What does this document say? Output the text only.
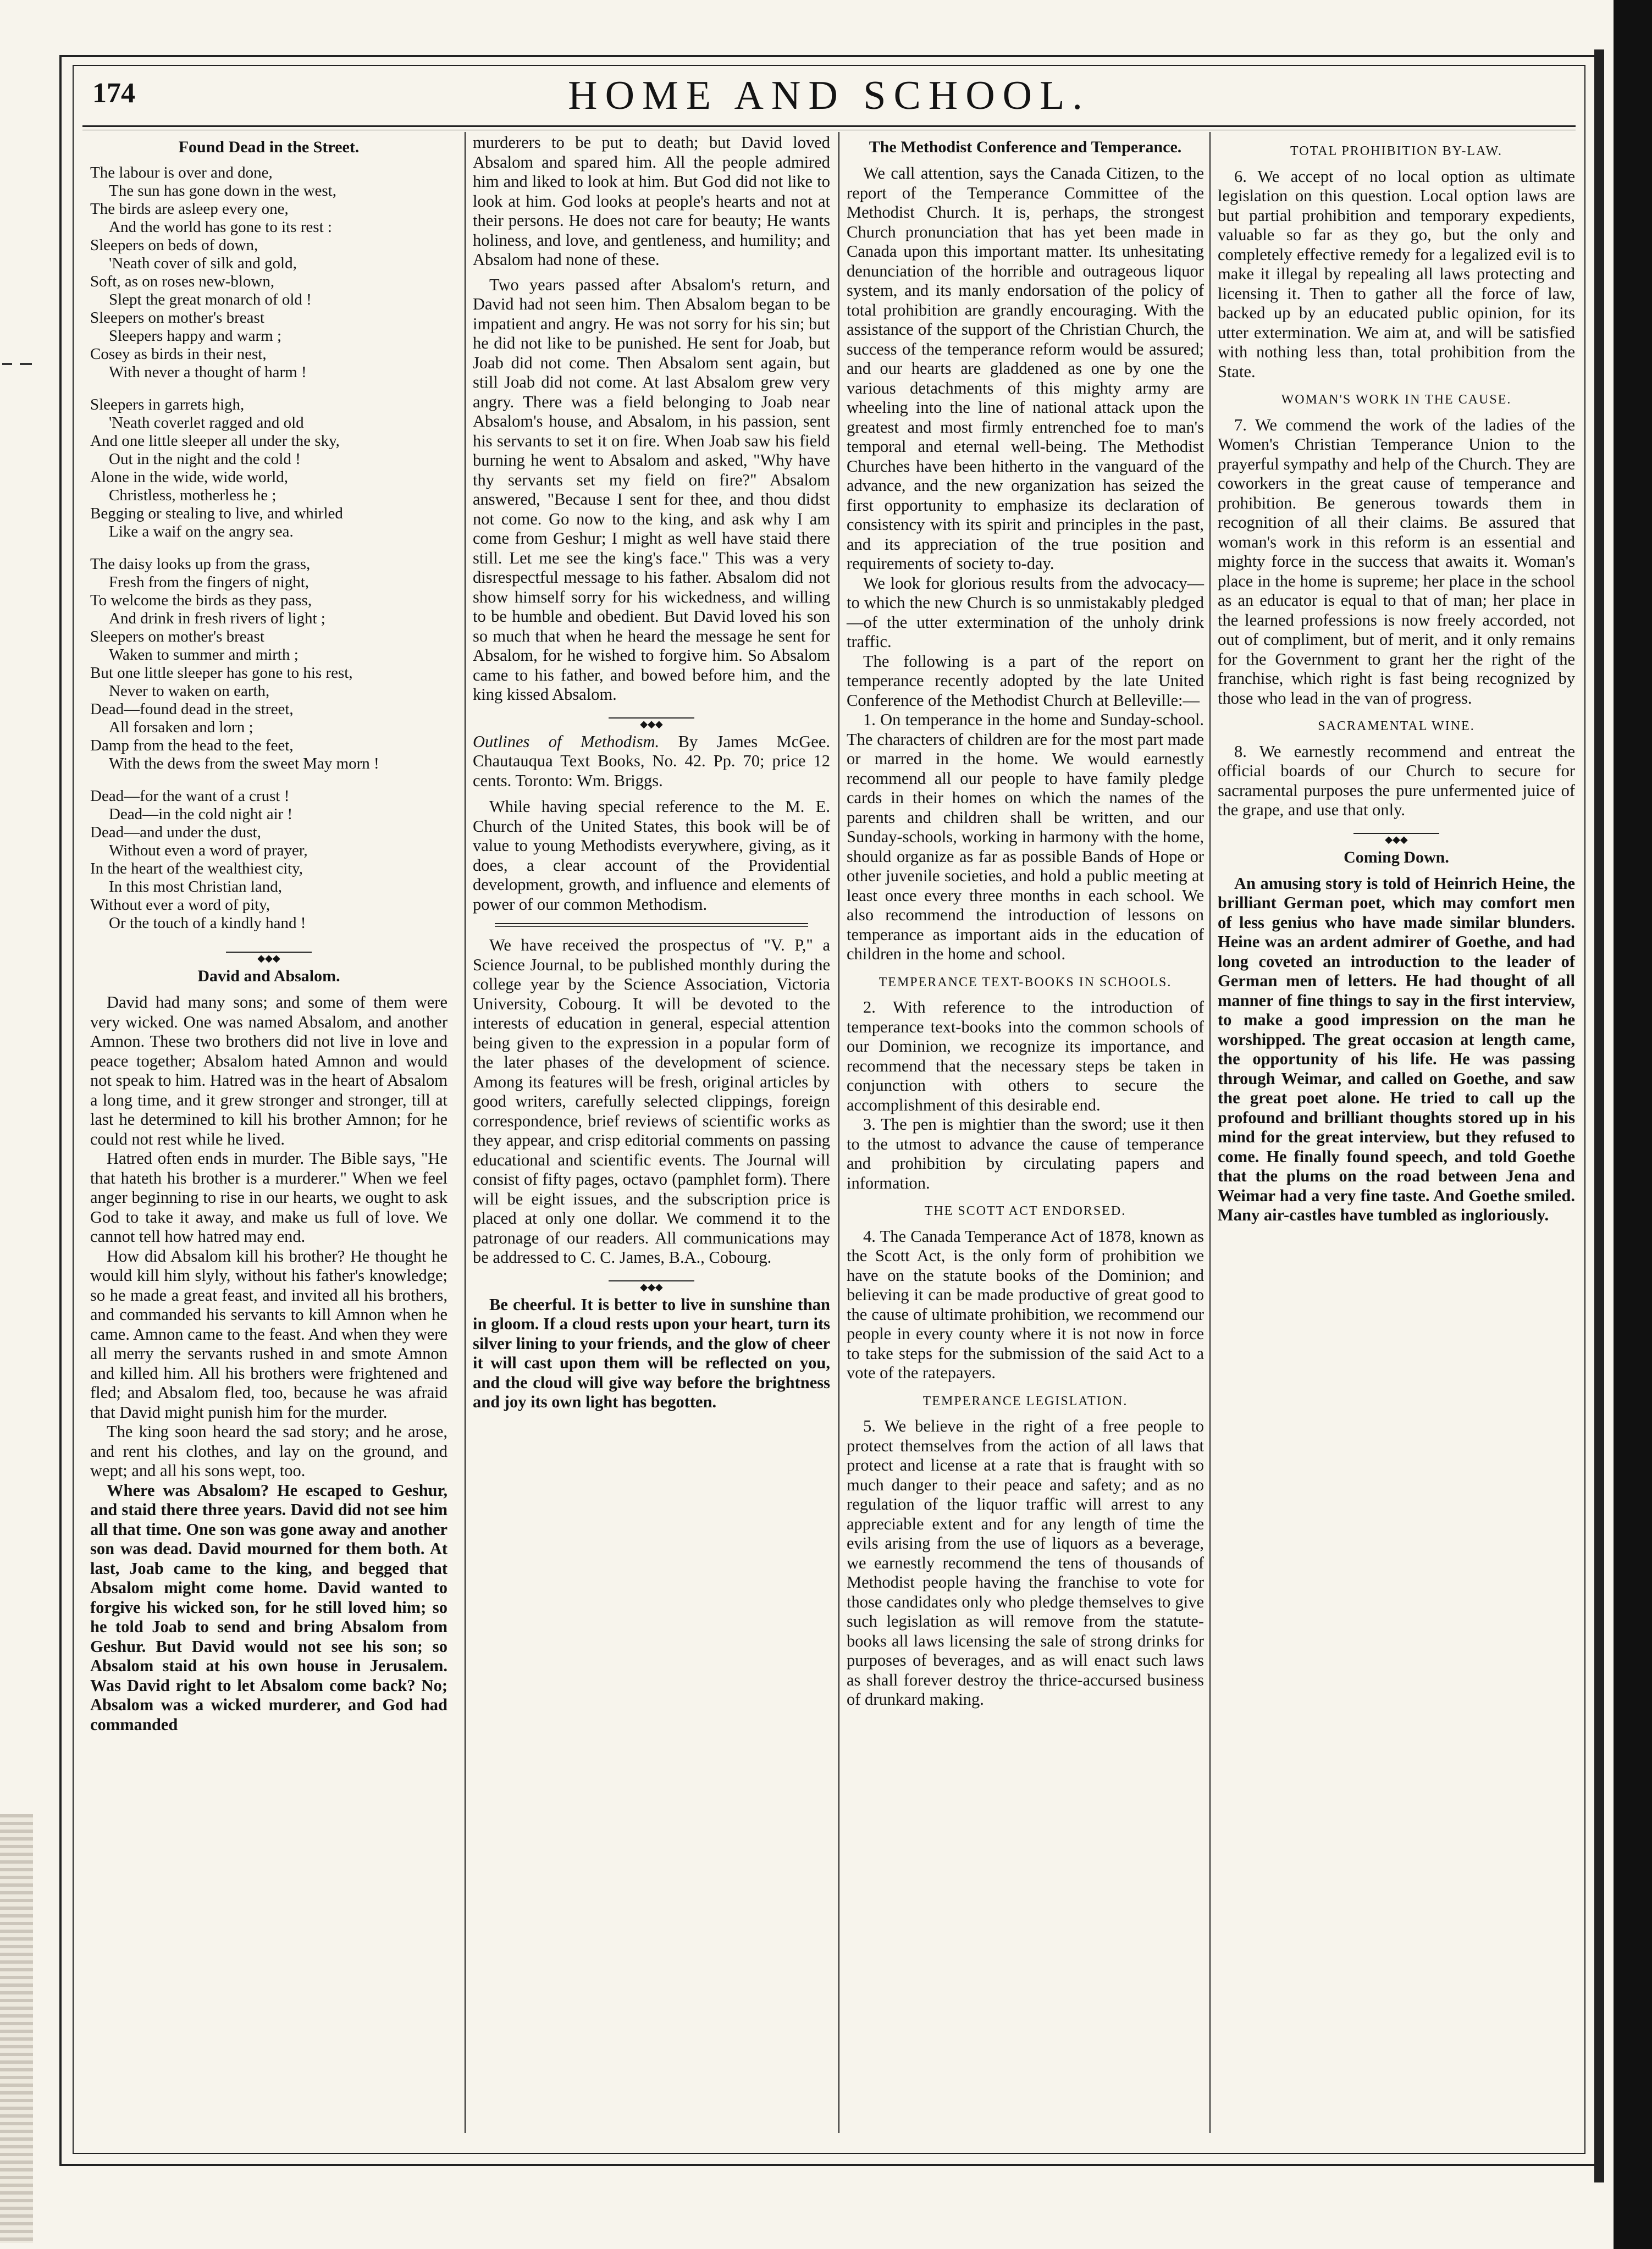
174	HOME AND SCHOOL.
Found Dead in the Street.
The labour is over and done,
The sun has gone down in the west,
The birds are asleep every one,
And the world has gone to its rest :
Sleepers on beds of down,
'Neath cover of silk and gold,
Soft, as on roses new-blown,
Slept the great monarch of old !
Sleepers on mother's breast
Sleepers happy and warm ;
Cosey as birds in their nest,
With never a thought of harm !
Sleepers in garrets high,
'Neath coverlet ragged and old
And one little sleeper all under the sky,
Out in the night and the cold !
Alone in the wide, wide world,
Christless, motherless he ;
Begging or stealing to live, and whirled
Like a waif on the angry sea.
The daisy looks up from the grass,
Fresh from the fingers of night,
To welcome the birds as they pass,
And drink in fresh rivers of light ;
Sleepers on mother's breast
Waken to summer and mirth ;
But one little sleeper has gone to his rest,
Never to waken on earth,
Dead—found dead in the street,
All forsaken and lorn ;
Damp from the head to the feet,
With the dews from the sweet May morn !
Dead—for the want of a crust !
Dead—in the cold night air !
Dead—and under the dust,
Without even a word of prayer,
In the heart of the wealthiest city,
In this most Christian land,
Without ever a word of pity,
Or the touch of a kindly hand !
◆◆◆
David and Absalom.

David had many sons; and some of them were very wicked. One was named Absalom, and another Amnon. These two brothers did not live in love and peace together; Absalom hated Amnon and would not speak to him. Hatred was in the heart of Absalom a long time, and it grew stronger and stronger, till at last he determined to kill his brother Amnon; for he could not rest while he lived.

Hatred often ends in murder. The Bible says, "He that hateth his brother is a murderer." When we feel anger beginning to rise in our hearts, we ought to ask God to take it away, and make us full of love. We cannot tell how hatred may end.

How did Absalom kill his brother? He thought he would kill him slyly, without his father's knowledge; so he made a great feast, and invited all his brothers, and commanded his servants to kill Amnon when he came. Amnon came to the feast. And when they were all merry the servants rushed in and smote Amnon and killed him. All his brothers were frightened and fled; and Absalom fled, too, because he was afraid that David might punish him for the murder.

The king soon heard the sad story; and he arose, and rent his clothes, and lay on the ground, and wept; and all his sons wept, too.

Where was Absalom? He escaped to Geshur, and staid there three years. David did not see him all that time. One son was gone away and another son was dead. David mourned for them both. At last, Joab came to the king, and begged that Absalom might come home. David wanted to forgive his wicked son, for he still loved him; so he told Joab to send and bring Absalom from Geshur. But David would not see his son; so Absalom staid at his own house in Jerusalem. Was David right to let Absalom come back? No; Absalom was a wicked murderer, and God had commanded

murderers to be put to death; but David loved Absalom and spared him. All the people admired him and liked to look at him. But God did not like to look at him. God looks at people's hearts and not at their persons. He does not care for beauty; He wants holiness, and love, and gentleness, and humility; and Absalom had none of these.

Two years passed after Absalom's return, and David had not seen him. Then Absalom began to be impatient and angry. He was not sorry for his sin; but he did not like to be punished. He sent for Joab, but Joab did not come. Then Absalom sent again, but still Joab did not come. At last Absalom grew very angry. There was a field belonging to Joab near Absalom's house, and Absalom, in his passion, sent his servants to set it on fire. When Joab saw his field burning he went to Absalom and asked, "Why have thy servants set my field on fire?" Absalom answered, "Because I sent for thee, and thou didst not come. Go now to the king, and ask why I am come from Geshur; I might as well have staid there still. Let me see the king's face." This was a very disrespectful message to his father. Absalom did not show himself sorry for his wickedness, and willing to be humble and obedient. But David loved his son so much that when he heard the message he sent for Absalom, for he wished to forgive him. So Absalom came to his father, and bowed before him, and the king kissed Absalom.

◆◆◆

Outlines of Methodism. By James McGee. Chautauqua Text Books, No. 42. Pp. 70; price 12 cents. Toronto: Wm. Briggs.

While having special reference to the M. E. Church of the United States, this book will be of value to young Methodists everywhere, giving, as it does, a clear account of the Providential development, growth, and influence and elements of power of our common Methodism.

We have received the prospectus of "V. P," a Science Journal, to be published monthly during the college year by the Science Association, Victoria University, Cobourg. It will be devoted to the interests of education in general, especial attention being given to the expression in a popular form of the later phases of the development of science. Among its features will be fresh, original articles by good writers, carefully selected clippings, foreign correspondence, brief reviews of scientific works as they appear, and crisp editorial comments on passing educational and scientific events. The Journal will consist of fifty pages, octavo (pamphlet form). There will be eight issues, and the subscription price is placed at only one dollar. We commend it to the patronage of our readers. All communications may be addressed to C. C. James, B.A., Cobourg.

◆◆◆

Be cheerful. It is better to live in sunshine than in gloom. If a cloud rests upon your heart, turn its silver lining to your friends, and the glow of cheer it will cast upon them will be reflected on you, and the cloud will give way before the brightness and joy its own light has begotten.

The Methodist Conference and Temperance.

We call attention, says the Canada Citizen, to the report of the Temperance Committee of the Methodist Church. It is, perhaps, the strongest Church pronunciation that has yet been made in Canada upon this important matter. Its unhesitating denunciation of the horrible and outrageous liquor system, and its manly endorsation of the policy of total prohibition are grandly encouraging. With the assistance of the support of the Christian Church, the success of the temperance reform would be assured; and our hearts are gladdened as one by one the various detachments of this mighty army are wheeling into the line of national attack upon the greatest and most firmly entrenched foe to man's temporal and eternal well-being. The Methodist Churches have been hitherto in the vanguard of the advance, and the new organization has seized the first opportunity to emphasize its declaration of consistency with its spirit and principles in the past, and its appreciation of the true position and requirements of society to-day.

We look for glorious results from the advocacy—to which the new Church is so unmistakably pledged—of the utter extermination of the unholy drink traffic.

The following is a part of the report on temperance recently adopted by the late United Conference of the Methodist Church at Belleville:—

1. On temperance in the home and Sunday-school. The characters of children are for the most part made or marred in the home. We would earnestly recommend all our people to have family pledge cards in their homes on which the names of the parents and children shall be written, and our Sunday-schools, working in harmony with the home, should organize as far as possible Bands of Hope or other juvenile societies, and hold a public meeting at least once every three months in each school. We also recommend the introduction of lessons on temperance as important aids in the education of children in the home and school.

TEMPERANCE TEXT-BOOKS IN SCHOOLS.

2. With reference to the introduction of temperance text-books into the common schools of our Dominion, we recognize its importance, and recommend that the necessary steps be taken in conjunction with others to secure the accomplishment of this desirable end.

3. The pen is mightier than the sword; use it then to the utmost to advance the cause of temperance and prohibition by circulating papers and information.

THE SCOTT ACT ENDORSED.

4. The Canada Temperance Act of 1878, known as the Scott Act, is the only form of prohibition we have on the statute books of the Dominion; and believing it can be made productive of great good to the cause of ultimate prohibition, we recommend our people in every county where it is not now in force to take steps for the submission of the said Act to a vote of the ratepayers.

TEMPERANCE LEGISLATION.

5. We believe in the right of a free people to protect themselves from the action of all laws that protect and license at a rate that is fraught with so much danger to their peace and safety; and as no regulation of the liquor traffic will arrest to any appreciable extent and for any length of time the evils arising from the use of liquors as a beverage, we earnestly recommend the tens of thousands of Methodist people having the franchise to vote for those candidates only who pledge themselves to give such legislation as will remove from the statute-books all laws licensing the sale of strong drinks for purposes of beverages, and as will enact such laws as shall forever destroy the thrice-accursed business of drunkard making.

TOTAL PROHIBITION BY-LAW.

6. We accept of no local option as ultimate legislation on this question. Local option laws are but partial prohibition and temporary expedients, valuable so far as they go, but the only and completely effective remedy for a legalized evil is to make it illegal by repealing all laws protecting and licensing it. Then to gather all the force of law, backed up by an educated public opinion, for its utter extermination. We aim at, and will be satisfied with nothing less than, total prohibition from the State.

WOMAN'S WORK IN THE CAUSE.

7. We commend the work of the ladies of the Women's Christian Temperance Union to the prayerful sympathy and help of the Church. They are coworkers in the great cause of temperance and prohibition. Be generous towards them in recognition of all their claims. Be assured that woman's work in this reform is an essential and mighty force in the success that awaits it. Woman's place in the home is supreme; her place in the school as an educator is equal to that of man; her place in the learned professions is now freely accorded, not out of compliment, but of merit, and it only remains for the Government to grant her the right of the franchise, which right is fast being recognized by those who lead in the van of progress.

SACRAMENTAL WINE.

8. We earnestly recommend and entreat the official boards of our Church to secure for sacramental purposes the pure unfermented juice of the grape, and use that only.

◆◆◆
Coming Down.

An amusing story is told of Heinrich Heine, the brilliant German poet, which may comfort men of less genius who have made similar blunders. Heine was an ardent admirer of Goethe, and had long coveted an introduction to the leader of German men of letters. He had thought of all manner of fine things to say in the first interview, to make a good impression on the man he worshipped. The great occasion at length came, the opportunity of his life. He was passing through Weimar, and called on Goethe, and saw the great poet alone. He tried to call up the profound and brilliant thoughts stored up in his mind for the great interview, but they refused to come. He finally found speech, and told Goethe that the plums on the road between Jena and Weimar had a very fine taste. And Goethe smiled. Many air-castles have tumbled as ingloriously.
